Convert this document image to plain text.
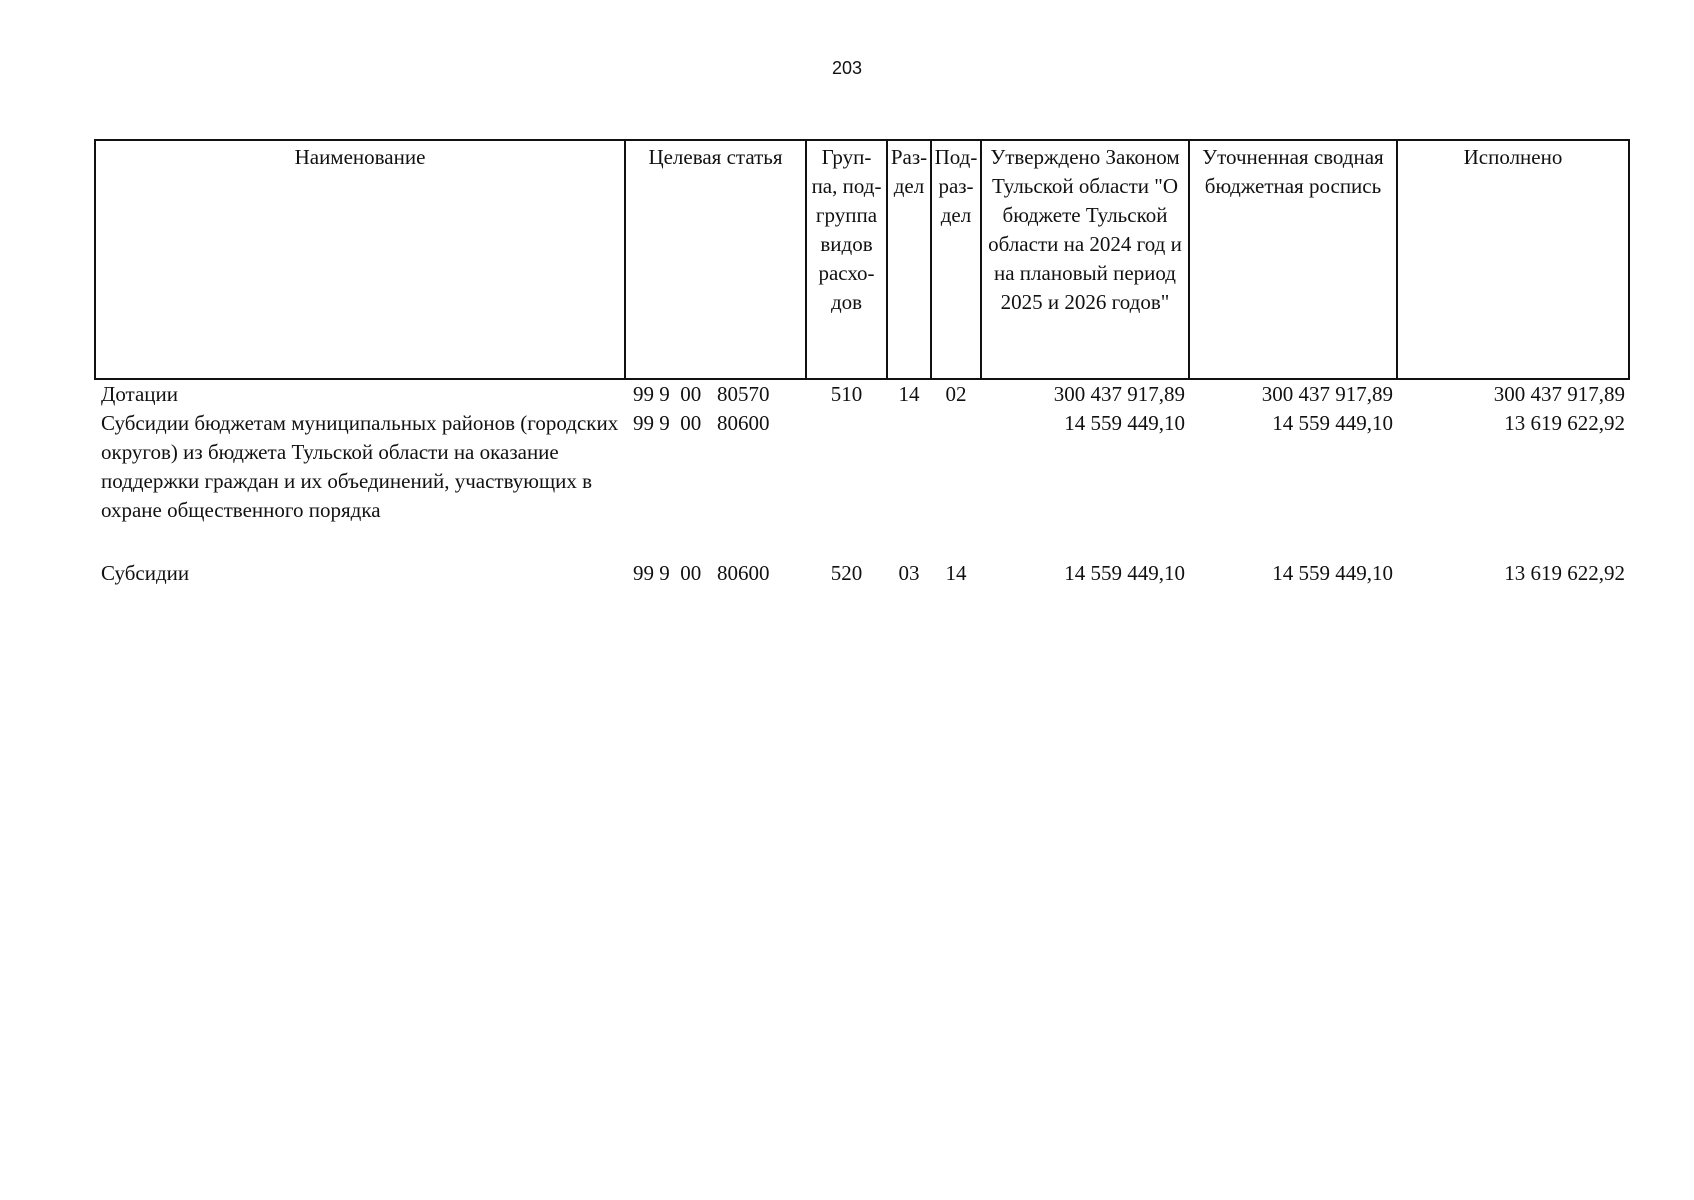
203
Наименование	Целевая статья	Груп-па, под-группа видов расхо-дов	Раз-дел	Под-раз-дел	Утверждено Законом Тульской области "О бюджете Тульской области на 2024 год и на плановый период 2025 и 2026 годов"	Уточненная сводная бюджетная роспись	Исполнено
Дотации	99 9  00   80570	510	14	02	300 437 917,89	300 437 917,89	300 437 917,89
Субсидии бюджетам муниципальных районов (городских округов) из бюджета Тульской области на оказание поддержки граждан и их объединений, участвующих в охране общественного порядка	99 9  00   80600				14 559 449,10	14 559 449,10	13 619 622,92
Субсидии	99 9  00   80600	520	03	14	14 559 449,10	14 559 449,10	13 619 622,92
